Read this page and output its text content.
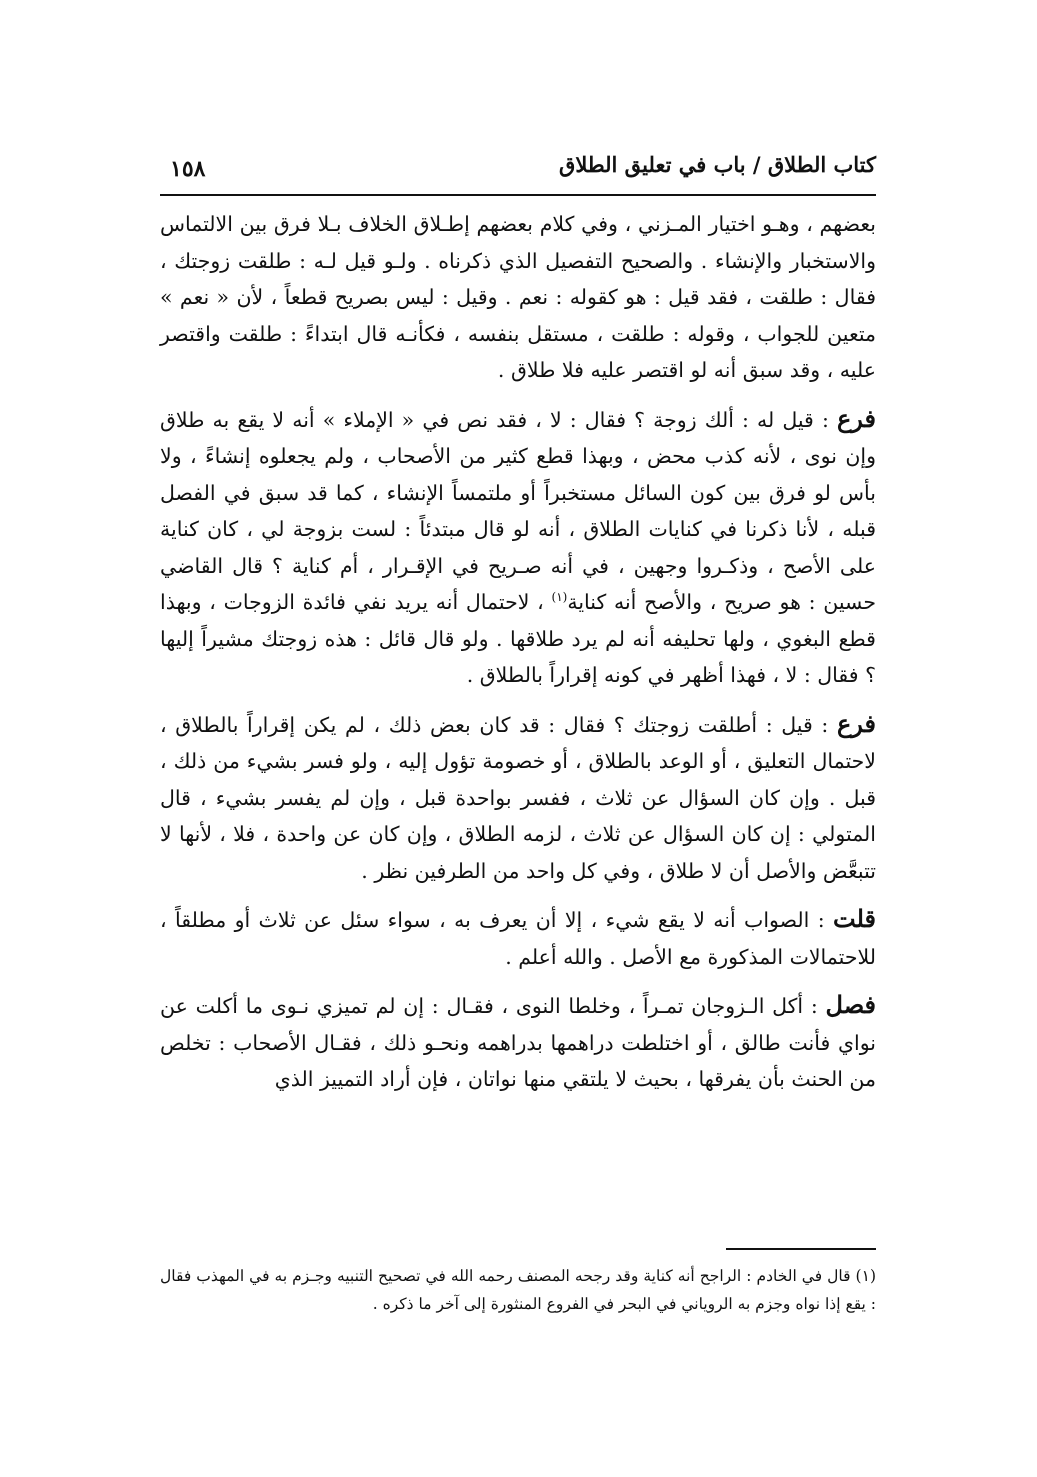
كتاب الطلاق / باب في تعليق الطلاق
١٥٨

بعضهم ، وهـو اختيار المـزني ، وفي كلام بعضهم إطـلاق الخلاف بـلا فرق بين الالتماس والاستخبار والإنشاء . والصحيح التفصيل الذي ذكرناه . ولـو قيل لـه : طلقت زوجتك ، فقال : طلقت ، فقد قيل : هو كقوله : نعم . وقيل : ليس بصريح قطعاً ، لأن « نعم » متعين للجواب ، وقوله : طلقت ، مستقل بنفسه ، فكأنـه قال ابتداءً : طلقت واقتصر عليه ، وقد سبق أنه لو اقتصر عليه فلا طلاق .

فرع : قيل له : ألك زوجة ؟ فقال : لا ، فقد نص في « الإملاء » أنه لا يقع به طلاق وإن نوى ، لأنه كذب محض ، وبهذا قطع كثير من الأصحاب ، ولم يجعلوه إنشاءً ، ولا بأس لو فرق بين كون السائل مستخبراً أو ملتمساً الإنشاء ، كما قد سبق في الفصل قبله ، لأنا ذكرنا في كنايات الطلاق ، أنه لو قال مبتدئاً : لست بزوجة لي ، كان كناية على الأصح ، وذكـروا وجهين ، في أنه صـريح في الإقـرار ، أم كناية ؟ قال القاضي حسين : هو صريح ، والأصح أنه كناية$^{(١)}$ ، لاحتمال أنه يريد نفي فائدة الزوجات ، وبهذا قطع البغوي ، ولها تحليفه أنه لم يرد طلاقها . ولو قال قائل : هذه زوجتك مشيراً إليها ؟ فقال : لا ، فهذا أظهر في كونه إقراراً بالطلاق .

فرع : قيل : أطلقت زوجتك ؟ فقال : قد كان بعض ذلك ، لم يكن إقراراً بالطلاق ، لاحتمال التعليق ، أو الوعد بالطلاق ، أو خصومة تؤول إليه ، ولو فسر بشيء من ذلك ، قبل . وإن كان السؤال عن ثلاث ، ففسر بواحدة قبل ، وإن لم يفسر بشيء ، قال المتولي : إن كان السؤال عن ثلاث ، لزمه الطلاق ، وإن كان عن واحدة ، فلا ، لأنها لا تتبعَّض والأصل أن لا طلاق ، وفي كل واحد من الطرفين نظر .

قلت : الصواب أنه لا يقع شيء ، إلا أن يعرف به ، سواء سئل عن ثلاث أو مطلقاً ، للاحتمالات المذكورة مع الأصل . والله أعلم .

فصل : أكل الـزوجان تمـراً ، وخلطا النوى ، فقـال : إن لم تميزي نـوى ما أكلت عن نواي فأنت طالق ، أو اختلطت دراهمها بدراهمه ونحـو ذلك ، فقـال الأصحاب : تخلص من الحنث بأن يفرقها ، بحيث لا يلتقي منها نواتان ، فإن أراد التمييز الذي

(١) قال في الخادم : الراجح أنه كناية وقد رجحه المصنف رحمه الله في تصحيح التنبيه وجـزم به في المهذب فقال : يقع إذا نواه وجزم به الروياني في البحر في الفروع المنثورة إلى آخر ما ذكره .
